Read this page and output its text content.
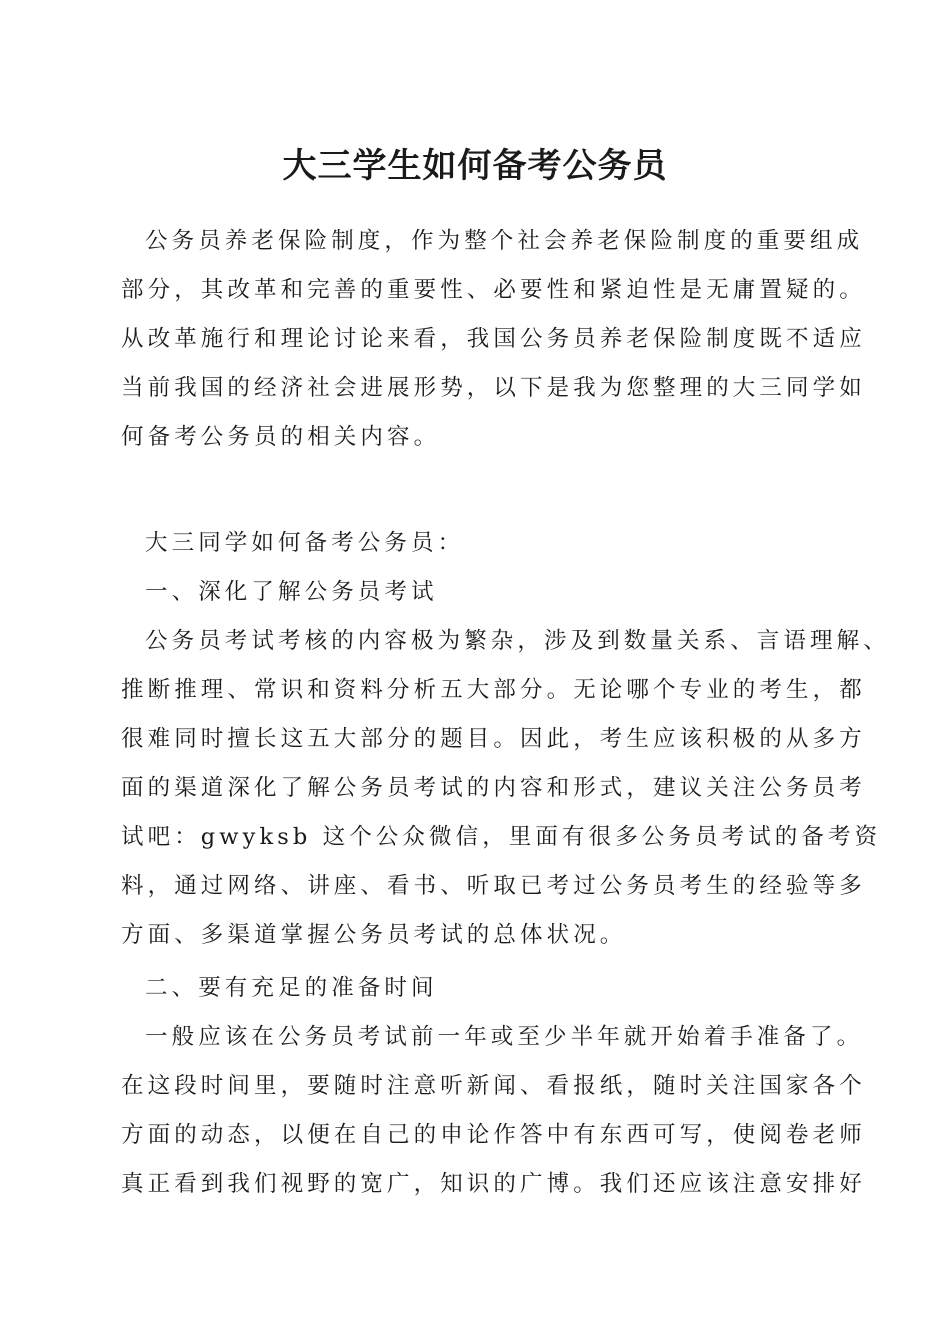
大三学生如何备考公务员

公务员养老保险制度，作为整个社会养老保险制度的重要组成

部分，其改革和完善的重要性、必要性和紧迫性是无庸置疑的。

从改革施行和理论讨论来看，我国公务员养老保险制度既不适应

当前我国的经济社会进展形势，以下是我为您整理的大三同学如

何备考公务员的相关内容。

大三同学如何备考公务员：

一、深化了解公务员考试

公务员考试考核的内容极为繁杂，涉及到数量关系、言语理解、

推断推理、常识和资料分析五大部分。无论哪个专业的考生，都

很难同时擅长这五大部分的题目。因此，考生应该积极的从多方

面的渠道深化了解公务员考试的内容和形式，建议关注公务员考

试吧：gwyksb 这个公众微信，里面有很多公务员考试的备考资

料，通过网络、讲座、看书、听取已考过公务员考生的经验等多

方面、多渠道掌握公务员考试的总体状况。

二、要有充足的准备时间

一般应该在公务员考试前一年或至少半年就开始着手准备了。

在这段时间里，要随时注意听新闻、看报纸，随时关注国家各个

方面的动态，以便在自己的申论作答中有东西可写，使阅卷老师

真正看到我们视野的宽广，知识的广博。我们还应该注意安排好
